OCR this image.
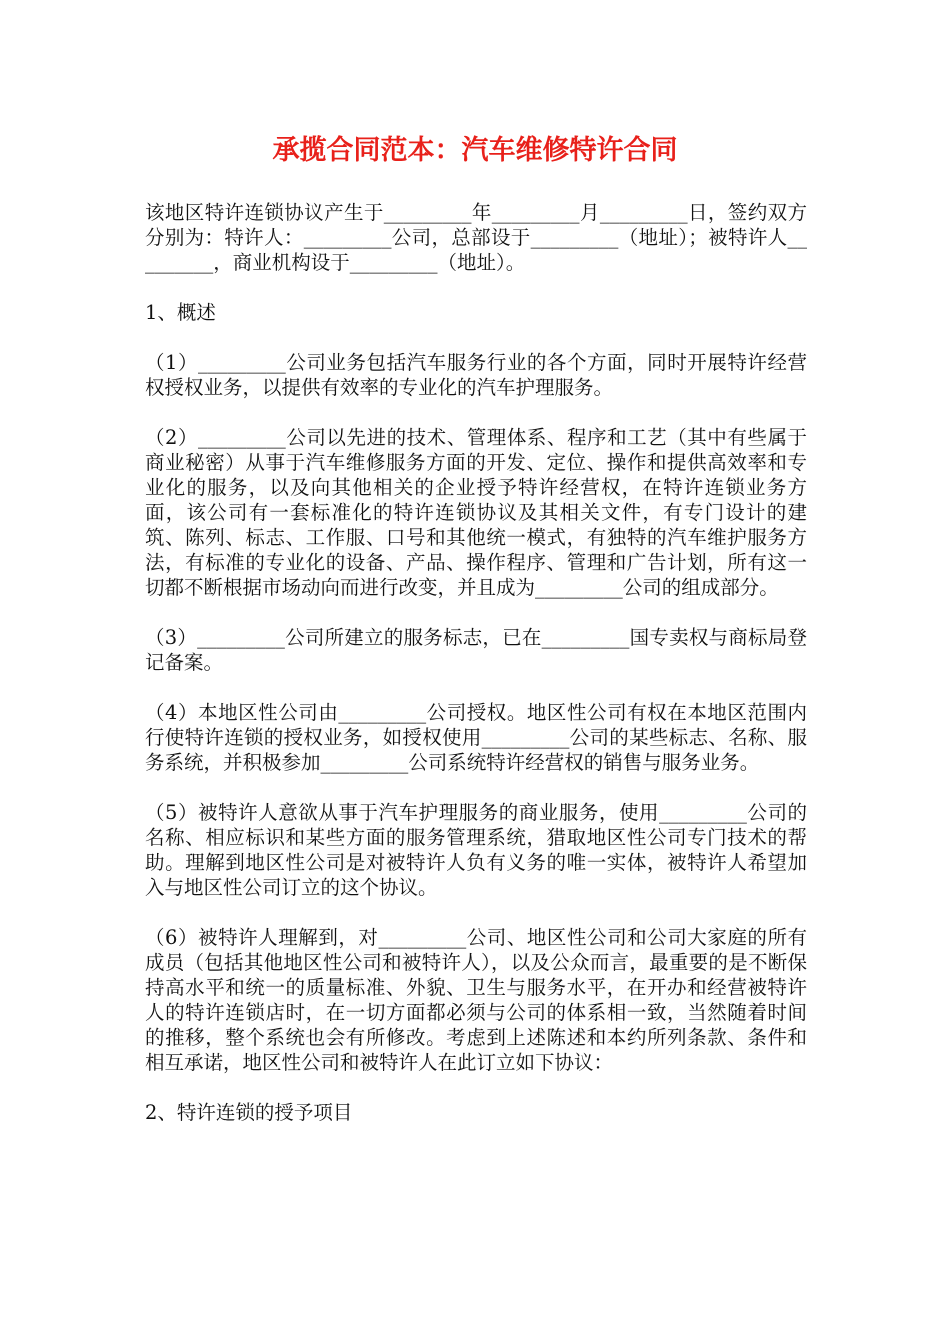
承揽合同范本：汽车维修特许合同

该地区特许连锁协议产生于_________年_________月_________日，签约双方分别为：特许人：_________公司，总部设于_________（地址）；被特许人_________，商业机构设于_________（地址）。

1、概述

（1）_________公司业务包括汽车服务行业的各个方面，同时开展特许经营权授权业务，以提供有效率的专业化的汽车护理服务。

（2）_________公司以先进的技术、管理体系、程序和工艺（其中有些属于商业秘密）从事于汽车维修服务方面的开发、定位、操作和提供高效率和专业化的服务，以及向其他相关的企业授予特许经营权，在特许连锁业务方面，该公司有一套标准化的特许连锁协议及其相关文件，有专门设计的建筑、陈列、标志、工作服、口号和其他统一模式，有独特的汽车维护服务方法，有标准的专业化的设备、产品、操作程序、管理和广告计划，所有这一切都不断根据市场动向而进行改变，并且成为_________公司的组成部分。

（3）_________公司所建立的服务标志，已在_________国专卖权与商标局登记备案。

（4）本地区性公司由_________公司授权。地区性公司有权在本地区范围内行使特许连锁的授权业务，如授权使用_________公司的某些标志、名称、服务系统，并积极参加_________公司系统特许经营权的销售与服务业务。

（5）被特许人意欲从事于汽车护理服务的商业服务，使用_________公司的名称、相应标识和某些方面的服务管理系统，猎取地区性公司专门技术的帮助。理解到地区性公司是对被特许人负有义务的唯一实体，被特许人希望加入与地区性公司订立的这个协议。

（6）被特许人理解到，对_________公司、地区性公司和公司大家庭的所有成员（包括其他地区性公司和被特许人），以及公众而言，最重要的是不断保持高水平和统一的质量标准、外貌、卫生与服务水平，在开办和经营被特许人的特许连锁店时，在一切方面都必须与公司的体系相一致，当然随着时间的推移，整个系统也会有所修改。考虑到上述陈述和本约所列条款、条件和相互承诺，地区性公司和被特许人在此订立如下协议：

2、特许连锁的授予项目
